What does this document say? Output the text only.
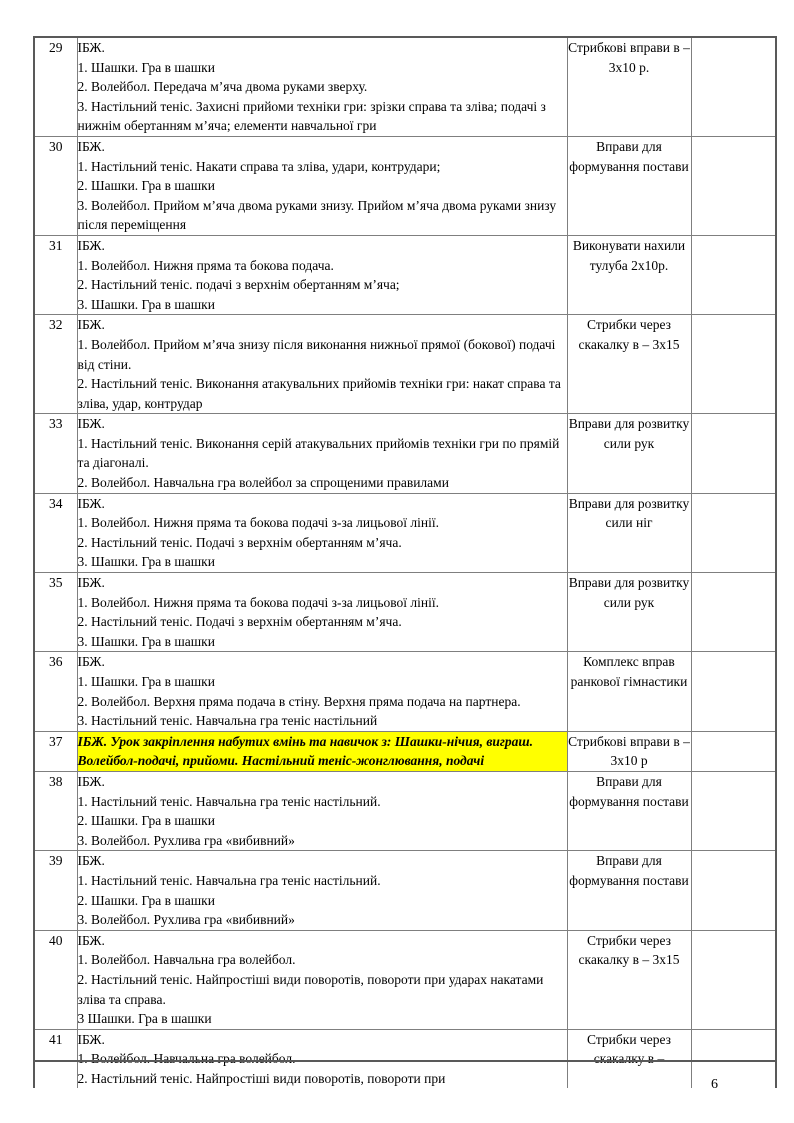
29	ІБЖ.
1. Шашки. Гра в шашки
2. Волейбол. Передача м’яча двома руками зверху.
3. Настільний теніс. Захисні прийоми техніки гри: зрізки справа та зліва; подачі з нижнім обертанням м’яча; елементи навчальної гри	Стрибкові вправи в – 3х10 р.	
30	ІБЖ.
1. Настільний теніс. Накати справа та зліва, удари, контрудари;
2. Шашки. Гра в шашки
3. Волейбол. Прийом м’яча двома руками знизу. Прийом м’яча двома руками знизу після переміщення	Вправи для формування постави	
31	ІБЖ.
1. Волейбол. Нижня пряма та бокова подача.
2. Настільний теніс. подачі з верхнім обертанням м’яча;
3. Шашки. Гра в шашки	Виконувати нахили тулуба 2х10р.	
32	ІБЖ.
1. Волейбол. Прийом м’яча знизу після виконання нижньої прямої (бокової) подачі від стіни.
2. Настільний теніс. Виконання атакувальних прийомів техніки гри: накат справа та зліва, удар, контрудар	Стрибки через скакалку в – 3х15	
33	ІБЖ.
1. Настільний теніс. Виконання серій атакувальних прийомів техніки гри по прямій та діагоналі.
2. Волейбол. Навчальна гра волейбол за спрощеними правилами	Вправи для розвитку сили рук	
34	ІБЖ.
1. Волейбол. Нижня пряма та бокова подачі з-за лицьової лінії.
2. Настільний теніс. Подачі з верхнім обертанням м’яча.
3. Шашки. Гра в шашки	Вправи для розвитку сили ніг	
35	ІБЖ.
1. Волейбол. Нижня пряма та бокова подачі з-за лицьової лінії.
2. Настільний теніс. Подачі з верхнім обертанням м’яча.
3. Шашки. Гра в шашки	Вправи для розвитку сили рук	
36	ІБЖ.
1. Шашки. Гра в шашки
2. Волейбол. Верхня пряма подача в стіну. Верхня пряма подача на партнера.
3. Настільний теніс. Навчальна гра теніс настільний	Комплекс вправ ранкової гімнастики	
37	ІБЖ. Урок закріплення набутих вмінь та навичок з: Шашки-нічия, виграш. Волейбол-подачі, прийоми. Настільний теніс-жонглювання, подачі	Стрибкові вправи в – 3х10 р	
38	ІБЖ.
1. Настільний теніс. Навчальна гра теніс настільний.
2. Шашки. Гра в шашки
3. Волейбол. Рухлива гра «вибивний»	Вправи для формування постави	
39	ІБЖ.
1. Настільний теніс. Навчальна гра теніс настільний.
2. Шашки. Гра в шашки
3. Волейбол. Рухлива гра «вибивний»	Вправи для формування постави	
40	ІБЖ.
1. Волейбол. Навчальна гра волейбол.
2. Настільний теніс. Найпростіші види поворотів, повороти при ударах накатами зліва та справа.
3 Шашки. Гра в шашки	Стрибки через скакалку в – 3х15	
41	ІБЖ.
1. Волейбол. Навчальна гра волейбол.
2. Настільний теніс. Найпростіші види поворотів, повороти при	Стрибки через скакалку в –	
6
